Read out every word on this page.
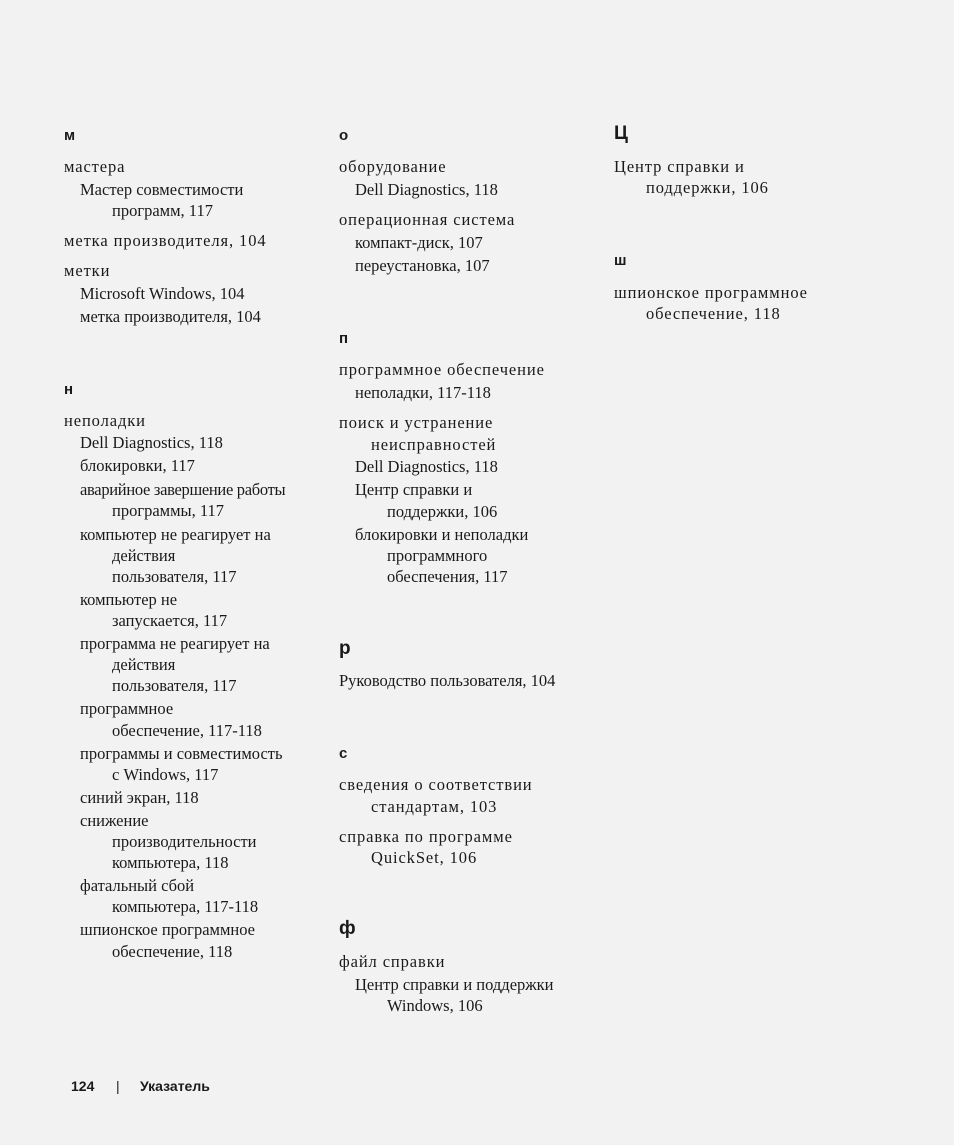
м
мастера
Мастер совместимости
программ, 117
метка производителя, 104
метки
Microsoft Windows, 104
метка производителя, 104
н
неполадки
Dell Diagnostics, 118
блокировки, 117
аварийное завершение работы
программы, 117
компьютер не реагирует на
действия
пользователя, 117
компьютер не
запускается, 117
программа не реагирует на
действия
пользователя, 117
программное
обеспечение, 117-118
программы и совместимость
с Windows, 117
синий экран, 118
снижение
производительности
компьютера, 118
фатальный сбой
компьютера, 117-118
шпионское программное
обеспечение, 118
о
оборудование
Dell Diagnostics, 118
операционная система
компакт-диск, 107
переустановка, 107
п
программное обеспечение
неполадки, 117-118
поиск и устранение
неисправностей
Dell Diagnostics, 118
Центр справки и
поддержки, 106
блокировки и неполадки
программного
обеспечения, 117
р
Руководство пользователя, 104
с
сведения о соответствии
стандартам, 103
справка по программе
QuickSet, 106
ф
файл справки
Центр справки и поддержки
Windows, 106
Ц
Центр справки и
поддержки, 106
ш
шпионское программное
обеспечение, 118
124 | Указатель
